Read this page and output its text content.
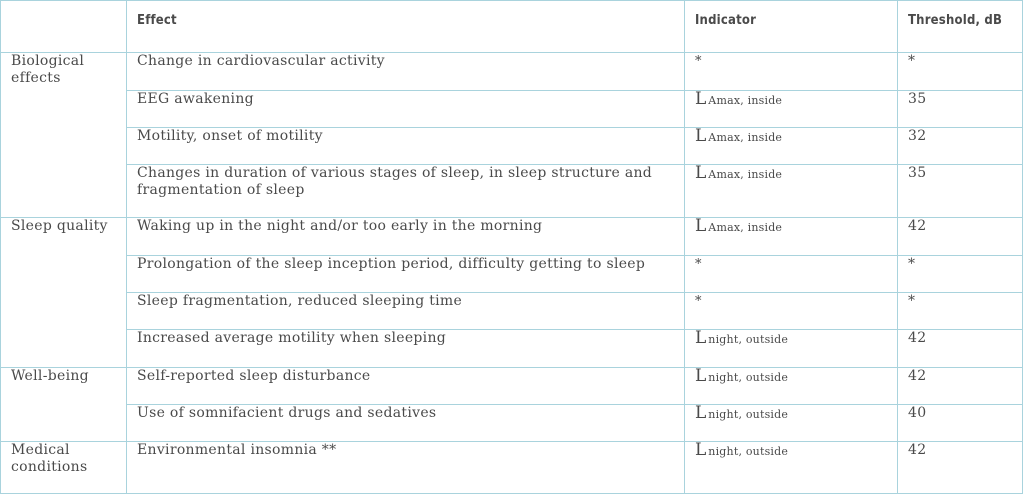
	Effect	Indicator	Threshold, dB
Biological effects	Change in cardiovascular activity	*	*
	EEG awakening	L Amax, inside	35
	Motility, onset of motility	L Amax, inside	32
	Changes in duration of various stages of sleep, in sleep structure and fragmentation of sleep	L Amax, inside	35
Sleep quality	Waking up in the night and/or too early in the morning	L Amax, inside	42
	Prolongation of the sleep inception period, difficulty getting to sleep	*	*
	Sleep fragmentation, reduced sleeping time	*	*
	Increased average motility when sleeping	L night, outside	42
Well-being	Self-reported sleep disturbance	L night, outside	42
	Use of somnifacient drugs and sedatives	L night, outside	40
Medical conditions	Environmental insomnia **	L night, outside	42
